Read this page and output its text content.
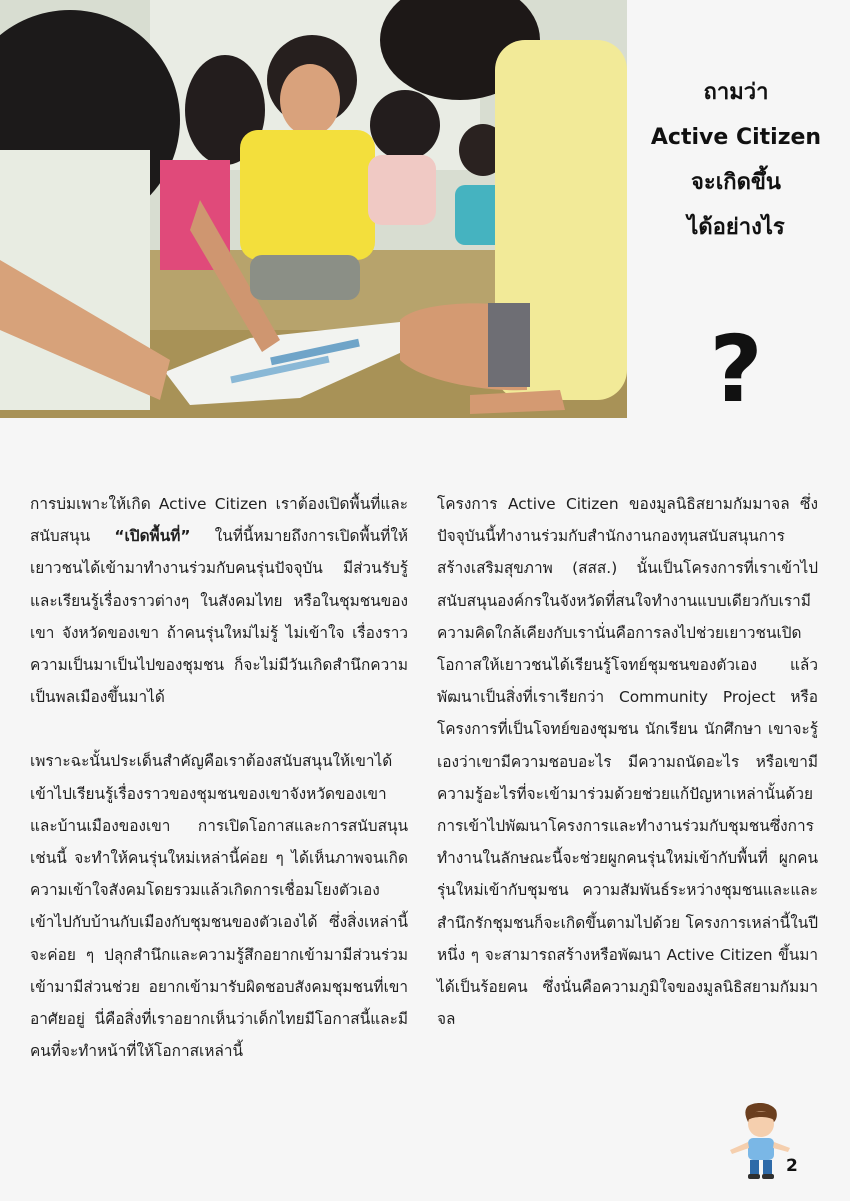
ถามว่า
Active Citizen
จะเกิดขึ้น
ได้อย่างไร
?

การบ่มเพาะให้เกิด Active Citizen เราต้องเปิดพื้นที่และสนับสนุน “เปิดพื้นที่” ในที่นี้หมายถึงการเปิดพื้นที่ให้เยาวชนได้เข้ามาทำงานร่วมกับคนรุ่นปัจจุบัน มีส่วนรับรู้และเรียนรู้เรื่องราวต่างๆ ในสังคมไทย หรือในชุมชนของเขา จังหวัดของเขา ถ้าคนรุ่นใหม่ไม่รู้ ไม่เข้าใจ เรื่องราวความเป็นมาเป็นไปของชุมชน ก็จะไม่มีวันเกิดสำนึกความเป็นพลเมืองขึ้นมาได้

เพราะฉะนั้นประเด็นสำคัญคือเราต้องสนับสนุนให้เขาได้เข้าไปเรียนรู้เรื่องราวของชุมชนของเขาจังหวัดของเขา และบ้านเมืองของเขา การเปิดโอกาสและการสนับสนุนเช่นนี้ จะทำให้คนรุ่นใหม่เหล่านี้ค่อย ๆ ได้เห็นภาพจนเกิดความเข้าใจสังคมโดยรวมแล้วเกิดการเชื่อมโยงตัวเองเข้าไปกับบ้านกับเมืองกับชุมชนของตัวเองได้ ซึ่งสิ่งเหล่านี้จะค่อย ๆ ปลุกสำนึกและความรู้สึกอยากเข้ามามีส่วนร่วม เข้ามามีส่วนช่วย อยากเข้ามารับผิดชอบสังคมชุมชนที่เขาอาศัยอยู่ นี่คือสิ่งที่เราอยากเห็นว่าเด็กไทยมีโอกาสนี้และมีคนที่จะทำหน้าที่ให้โอกาสเหล่านี้

โครงการ Active Citizen ของมูลนิธิสยามกัมมาจล ซึ่งปัจจุบันนี้ทำงานร่วมกับสำนักงานกองทุนสนับสนุนการสร้างเสริมสุขภาพ (สสส.) นั้นเป็นโครงการที่เราเข้าไปสนับสนุนองค์กรในจังหวัดที่สนใจทำงานแบบเดียวกับเรามีความคิดใกล้เคียงกับเรานั่นคือการลงไปช่วยเยาวชนเปิดโอกาสให้เยาวชนได้เรียนรู้โจทย์ชุมชนของตัวเอง แล้วพัฒนาเป็นสิ่งที่เราเรียกว่า Community Project หรือโครงการที่เป็นโจทย์ของชุมชน นักเรียน นักศึกษา เขาจะรู้เองว่าเขามีความชอบอะไร มีความถนัดอะไร หรือเขามีความรู้อะไรที่จะเข้ามาร่วมด้วยช่วยแก้ปัญหาเหล่านั้นด้วยการเข้าไปพัฒนาโครงการและทำงานร่วมกับชุมชนซึ่งการทำงานในลักษณะนี้จะช่วยผูกคนรุ่นใหม่เข้ากับพื้นที่ ผูกคนรุ่นใหม่เข้ากับชุมชน ความสัมพันธ์ระหว่างชุมชนและและสำนึกรักชุมชนก็จะเกิดขึ้นตามไปด้วย โครงการเหล่านี้ในปีหนึ่ง ๆ จะสามารถสร้างหรือพัฒนา Active Citizen ขึ้นมาได้เป็นร้อยคน ซึ่งนั่นคือความภูมิใจของมูลนิธิสยามกัมมาจล

2
